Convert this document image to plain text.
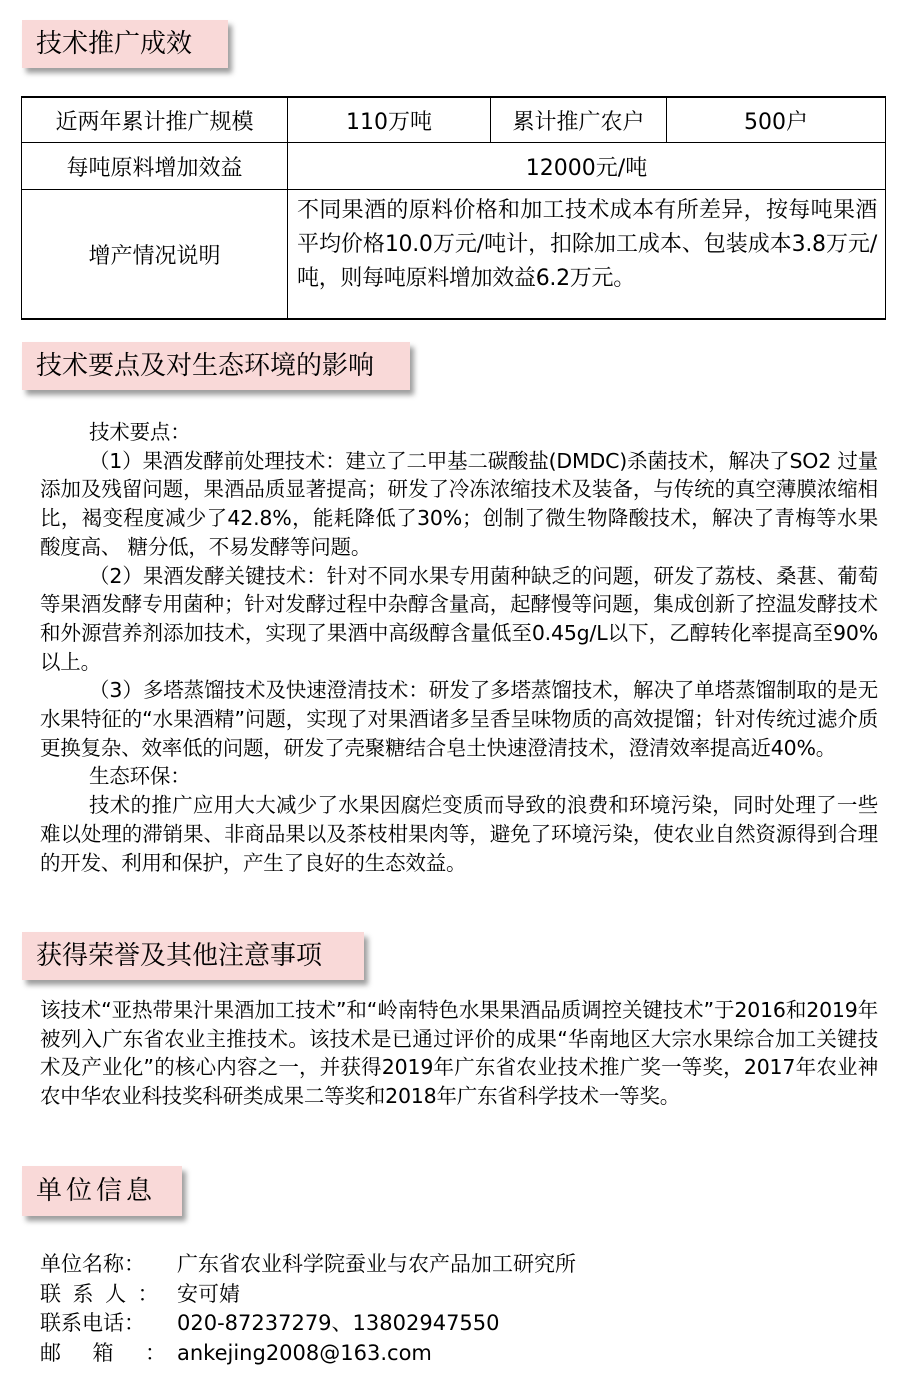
技术推广成效
近两年累计推广规模	110万吨	累计推广农户	500户
每吨原料增加效益	12000元/吨		
增产情况说明	不同果酒的原料价格和加工技术成本有所差异，按每吨果酒平均价格10.0万元/吨计，扣除加工成本、包装成本3.8万元/吨，则每吨原料增加效益6.2万元。		
技术要点及对生态环境的影响

技术要点：

（1）果酒发酵前处理技术：建立了二甲基二碳酸盐(DMDC)杀菌技术，解决了SO2 过量添加及残留问题，果酒品质显著提高；研发了冷冻浓缩技术及装备，与传统的真空薄膜浓缩相比，褐变程度减少了42.8%，能耗降低了30%；创制了微生物降酸技术，解决了青梅等水果酸度高、 糖分低，不易发酵等问题。

（2）果酒发酵关键技术：针对不同水果专用菌种缺乏的问题，研发了荔枝、桑葚、葡萄等果酒发酵专用菌种；针对发酵过程中杂醇含量高，起酵慢等问题，集成创新了控温发酵技术和外源营养剂添加技术，实现了果酒中高级醇含量低至0.45g/L以下，乙醇转化率提高至90%以上。

（3）多塔蒸馏技术及快速澄清技术：研发了多塔蒸馏技术，解决了单塔蒸馏制取的是无水果特征的“水果酒精”问题，实现了对果酒诸多呈香呈味物质的高效提馏；针对传统过滤介质更换复杂、效率低的问题，研发了壳聚糖结合皂土快速澄清技术，澄清效率提高近40%。

生态环保：

技术的推广应用大大减少了水果因腐烂变质而导致的浪费和环境污染，同时处理了一些难以处理的滞销果、非商品果以及茶枝柑果肉等，避免了环境污染，使农业自然资源得到合理的开发、利用和保护，产生了良好的生态效益。

获得荣誉及其他注意事项

该技术“亚热带果汁果酒加工技术”和“岭南特色水果果酒品质调控关键技术”于2016和2019年被列入广东省农业主推技术。该技术是已通过评价的成果“华南地区大宗水果综合加工关键技术及产业化”的核心内容之一，并获得2019年广东省农业技术推广奖一等奖，2017年农业神农中华农业科技奖科研类成果二等奖和2018年广东省科学技术一等奖。

单位信息
单位名称：	广东省农业科学院蚕业与农产品加工研究所
联系人： 安可婧
联系电话：	020-87237279、13802947550
邮箱：
ankejing2008@163.com
